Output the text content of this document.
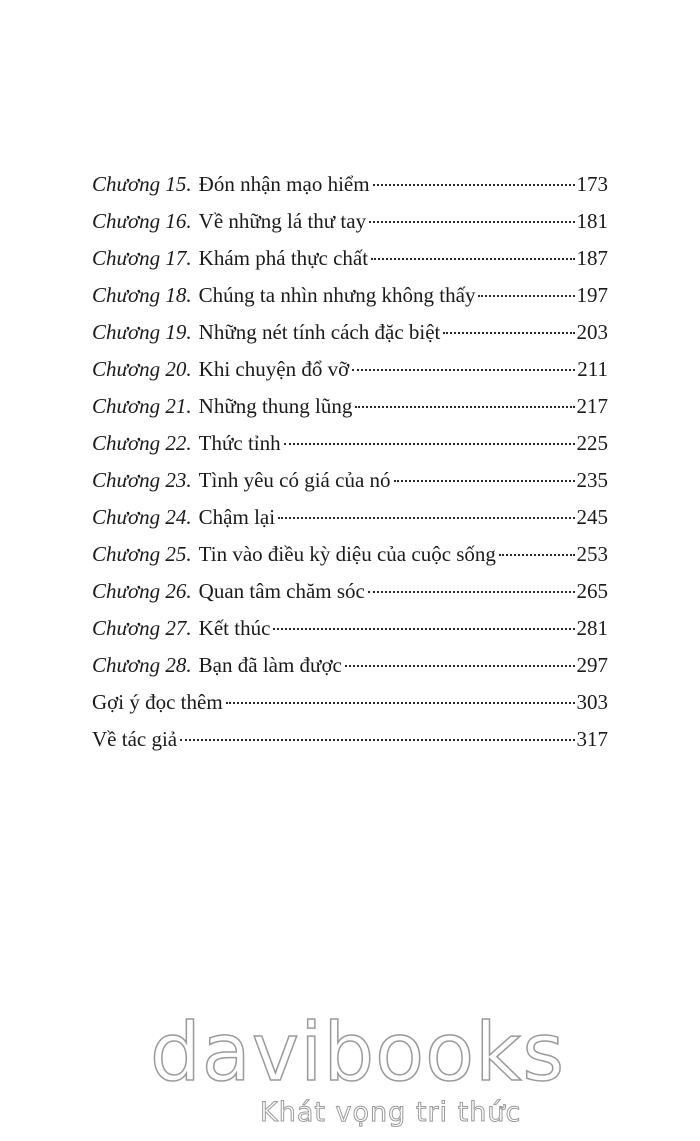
Chương 15. Đón nhận mạo hiểm	173
Chương 16. Về những lá thư tay	181
Chương 17. Khám phá thực chất	187
Chương 18. Chúng ta nhìn nhưng không thấy	197
Chương 19. Những nét tính cách đặc biệt	203
Chương 20. Khi chuyện đổ vỡ	211
Chương 21. Những thung lũng	217
Chương 22. Thức tỉnh	225
Chương 23. Tình yêu có giá của nó	235
Chương 24. Chậm lại	245
Chương 25. Tin vào điều kỳ diệu của cuộc sống	253
Chương 26. Quan tâm chăm sóc	265
Chương 27. Kết thúc	281
Chương 28. Bạn đã làm được	297
Gợi ý đọc thêm	303
Về tác giả	317
davibooks
Khát vọng tri thức
